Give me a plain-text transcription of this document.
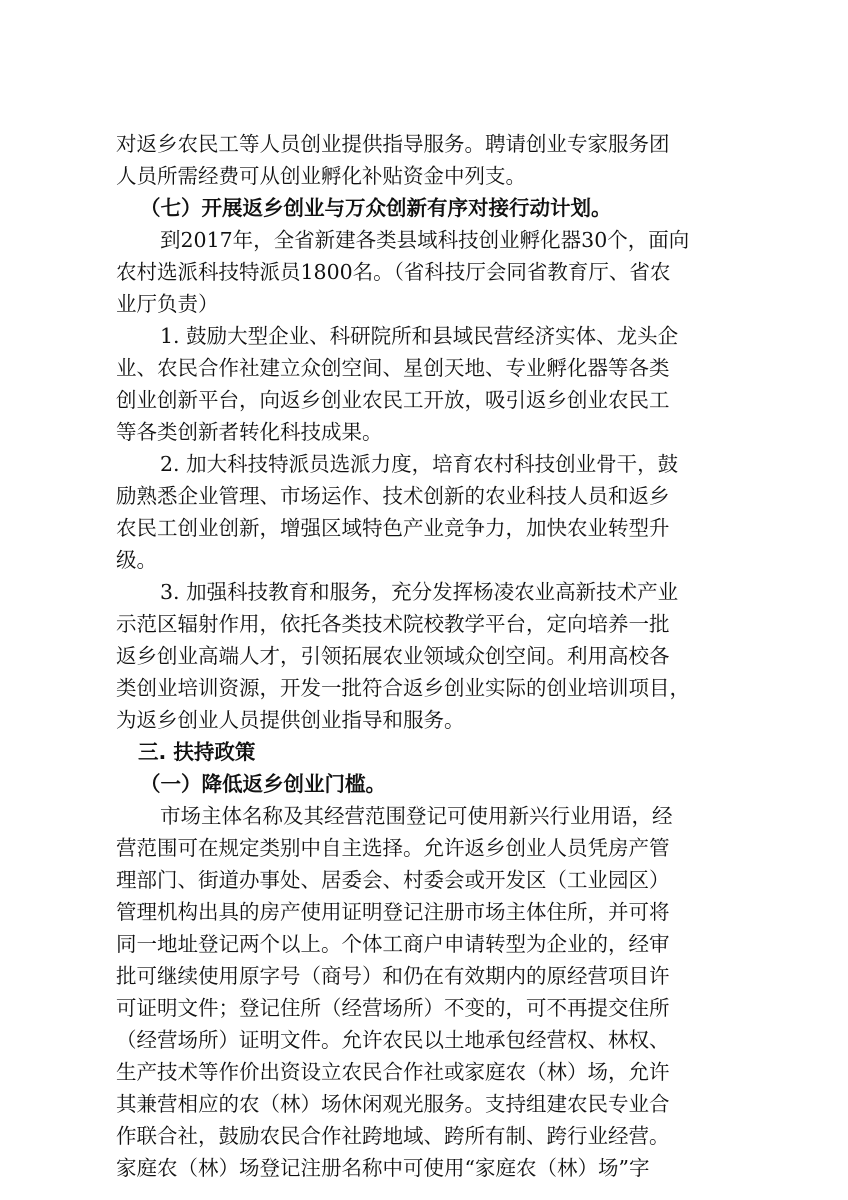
对返乡农民工等人员创业提供指导服务。聘请创业专家服务团
人员所需经费可从创业孵化补贴资金中列支。
（七）开展返乡创业与万众创新有序对接行动计划。
到2017年，全省新建各类县域科技创业孵化器30个，面向
农村选派科技特派员1800名。（省科技厅会同省教育厅、省农
业厅负责）
1. 鼓励大型企业、科研院所和县域民营经济实体、龙头企
业、农民合作社建立众创空间、星创天地、专业孵化器等各类
创业创新平台，向返乡创业农民工开放，吸引返乡创业农民工
等各类创新者转化科技成果。
2. 加大科技特派员选派力度，培育农村科技创业骨干，鼓
励熟悉企业管理、市场运作、技术创新的农业科技人员和返乡
农民工创业创新，增强区域特色产业竞争力，加快农业转型升
级。
3. 加强科技教育和服务，充分发挥杨凌农业高新技术产业
示范区辐射作用，依托各类技术院校教学平台，定向培养一批
返乡创业高端人才，引领拓展农业领域众创空间。利用高校各
类创业培训资源，开发一批符合返乡创业实际的创业培训项目，
为返乡创业人员提供创业指导和服务。
三. 扶持政策
（一）降低返乡创业门槛。
市场主体名称及其经营范围登记可使用新兴行业用语，经
营范围可在规定类别中自主选择。允许返乡创业人员凭房产管
理部门、街道办事处、居委会、村委会或开发区（工业园区）
管理机构出具的房产使用证明登记注册市场主体住所，并可将
同一地址登记两个以上。个体工商户申请转型为企业的，经审
批可继续使用原字号（商号）和仍在有效期内的原经营项目许
可证明文件；登记住所（经营场所）不变的，可不再提交住所
（经营场所）证明文件。允许农民以土地承包经营权、林权、
生产技术等作价出资设立农民合作社或家庭农（林）场，允许
其兼营相应的农（林）场休闲观光服务。支持组建农民专业合
作联合社，鼓励农民合作社跨地域、跨所有制、跨行业经营。
家庭农（林）场登记注册名称中可使用“家庭农（林）场”字
